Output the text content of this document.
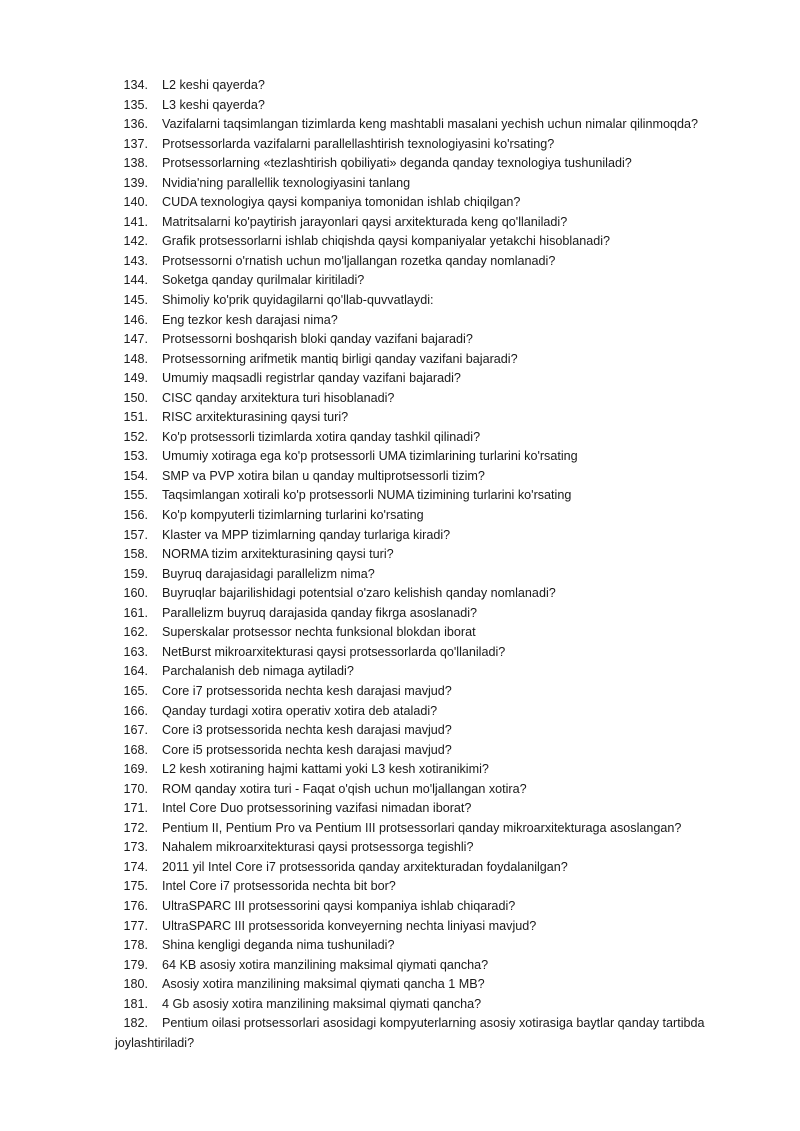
134. L2 keshi qayerda?
135. L3 keshi qayerda?
136. Vazifalarni taqsimlangan tizimlarda keng mashtabli masalani yechish uchun nimalar qilinmoqda?
137. Protsessorlarda vazifalarni parallellashtirish texnologiyasini ko'rsating?
138. Protsessorlarning «tezlashtirish qobiliyati» deganda qanday texnologiya tushuniladi?
139. Nvidia'ning parallellik texnologiyasini tanlang
140. CUDA texnologiya qaysi kompaniya tomonidan ishlab chiqilgan?
141. Matritsalarni ko'paytirish jarayonlari qaysi arxitekturada keng qo'llaniladi?
142. Grafik protsessorlarni ishlab chiqishda qaysi kompaniyalar yetakchi hisoblanadi?
143. Protsessorni o'rnatish uchun mo'ljallangan rozetka qanday nomlanadi?
144. Soketga qanday qurilmalar kiritiladi?
145. Shimoliy ko'prik quyidagilarni qo'llab-quvvatlaydi:
146. Eng tezkor kesh darajasi nima?
147. Protsessorni boshqarish bloki qanday vazifani bajaradi?
148. Protsessorning arifmetik mantiq birligi qanday vazifani bajaradi?
149. Umumiy maqsadli registrlar qanday vazifani bajaradi?
150. CISC qanday arxitektura turi hisoblanadi?
151. RISC arxitekturasining qaysi turi?
152. Ko'p protsessorli tizimlarda xotira qanday tashkil qilinadi?
153. Umumiy xotiraga ega ko'p protsessorli UMA tizimlarining turlarini ko'rsating
154. SMP va PVP xotira bilan u qanday multiprotsessorli tizim?
155. Taqsimlangan xotirali ko'p protsessorli NUMA tizimining turlarini ko'rsating
156. Ko'p kompyuterli tizimlarning turlarini ko'rsating
157. Klaster va MPP tizimlarning qanday turlariga kiradi?
158. NORMA tizim arxitekturasining qaysi turi?
159. Buyruq darajasidagi parallelizm nima?
160. Buyruqlar bajarilishidagi potentsial o'zaro kelishish qanday nomlanadi?
161. Parallelizm buyruq darajasida qanday fikrga asoslanadi?
162. Superskalar protsessor nechta funksional blokdan iborat
163. NetBurst mikroarxitekturasi qaysi protsessorlarda qo'llaniladi?
164. Parchalanish deb nimaga aytiladi?
165. Core i7 protsessorida nechta kesh darajasi mavjud?
166. Qanday turdagi xotira operativ xotira deb ataladi?
167. Core i3 protsessorida nechta kesh darajasi mavjud?
168. Core i5 protsessorida nechta kesh darajasi mavjud?
169. L2 kesh xotiraning hajmi kattami yoki L3 kesh xotiranikimi?
170. ROM qanday xotira turi - Faqat o'qish uchun mo'ljallangan xotira?
171. Intel Core Duo protsessorining vazifasi nimadan iborat?
172. Pentium II, Pentium Pro va Pentium III protsessorlari qanday mikroarxitekturaga asoslangan?
173. Nahalem mikroarxitekturasi qaysi protsessorga tegishli?
174. 2011 yil Intel Core i7 protsessorida qanday arxitekturadan foydalanilgan?
175. Intel Core i7 protsessorida nechta bit bor?
176. UltraSPARC III protsessorini qaysi kompaniya ishlab chiqaradi?
177. UltraSPARC III protsessorida konveyerning nechta liniyasi mavjud?
178. Shina kengligi deganda nima tushuniladi?
179. 64 KB asosiy xotira manzilining maksimal qiymati qancha?
180. Asosiy xotira manzilining maksimal qiymati qancha 1 MB?
181. 4 Gb asosiy xotira manzilining maksimal qiymati qancha?
182.	Pentium oilasi protsessorlari asosidagi kompyuterlarning asosiy xotirasiga baytlar qanday tartibda joylashtiriladi?
